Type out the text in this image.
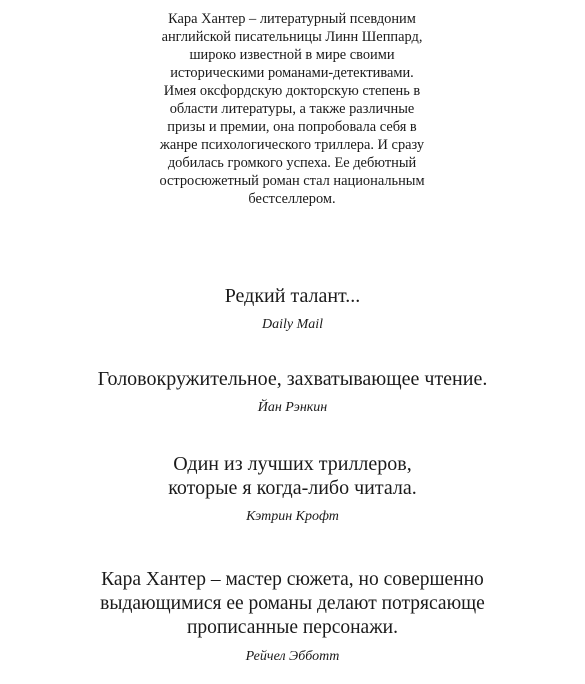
Кара Хантер – литературный псевдоним
английской писательницы Линн Шеппард,
широко известной в мире своими
историческими романами-детективами.
Имея оксфордскую докторскую степень в
области литературы, а также различные
призы и премии, она попробовала себя в
жанре психологического триллера. И сразу
добилась громкого успеха. Ее дебютный
остросюжетный роман стал национальным
бестселлером.
Редкий талант...
Daily Mail
Головокружительное, захватывающее чтение.
Йан Рэнкин
Один из лучших триллеров,
которые я когда-либо читала.
Кэтрин Крофт
Кара Хантер – мастер сюжета, но совершенно
выдающимися ее романы делают потрясающе
прописанные персонажи.
Рейчел Эбботт
